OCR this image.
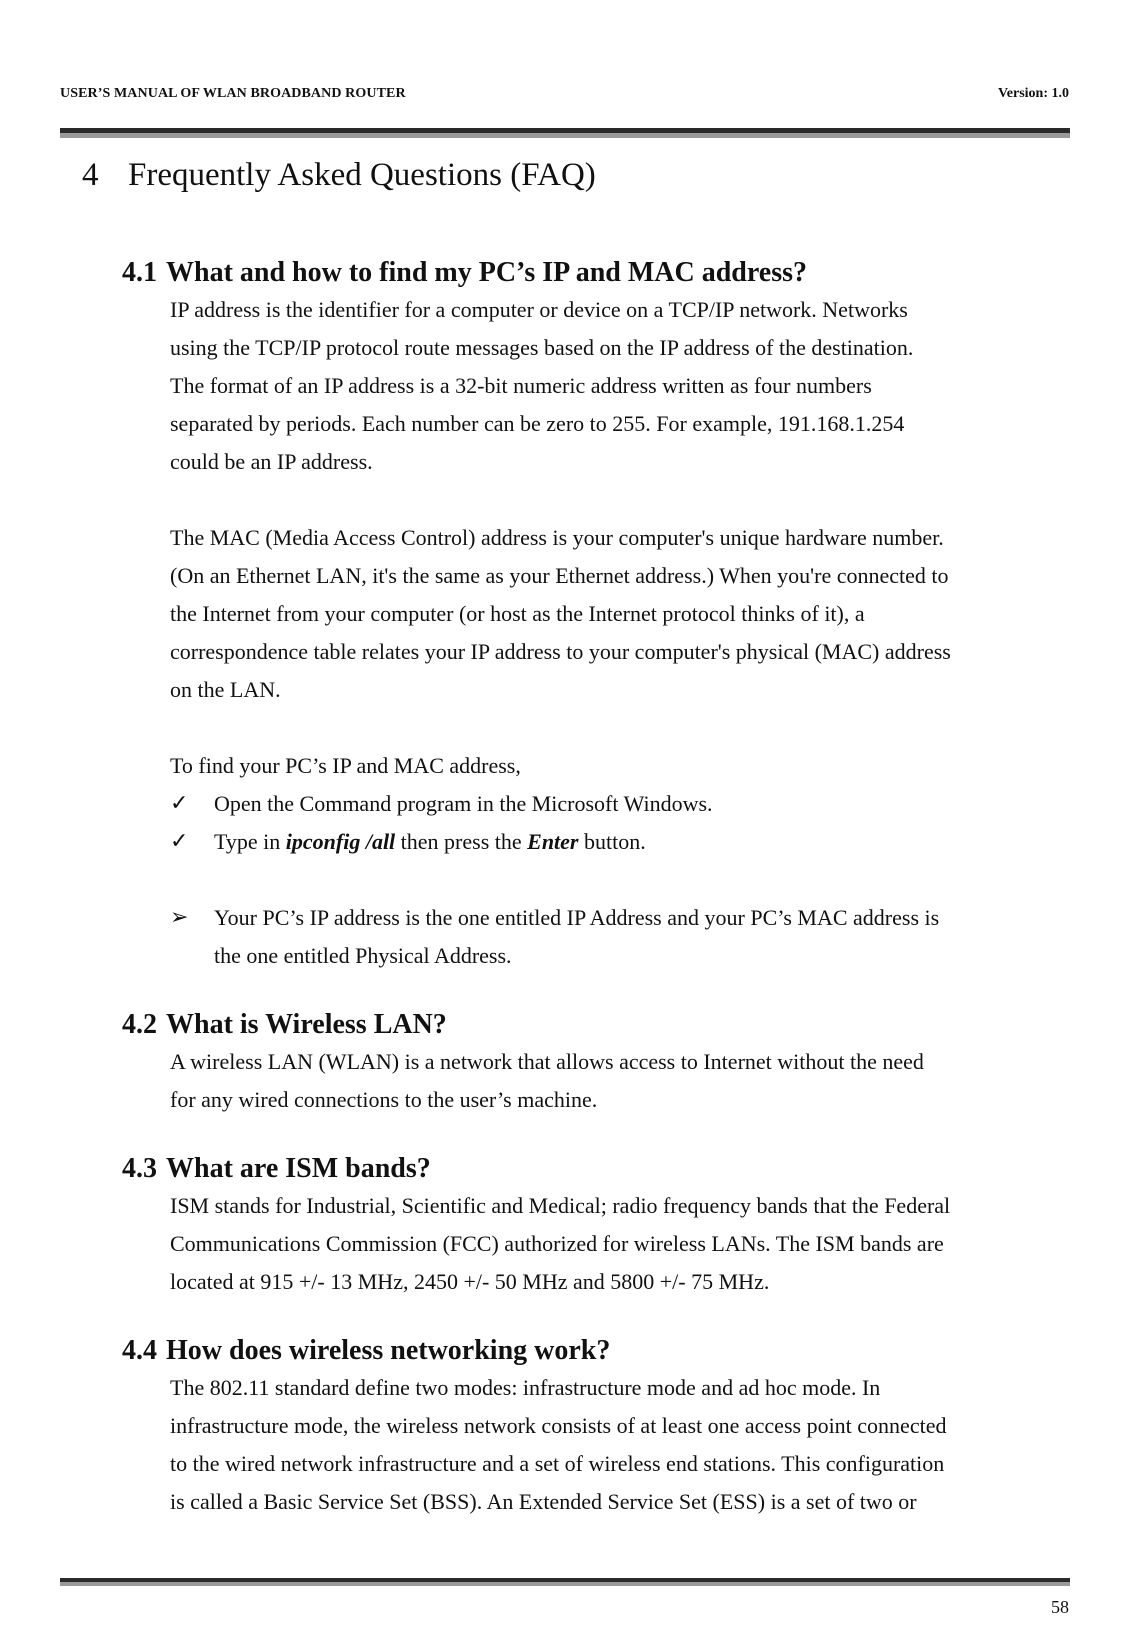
USER’S MANUAL OF WLAN BROADBAND ROUTER	Version: 1.0
4 Frequently Asked Questions (FAQ)
4.1 What and how to find my PC’s IP and MAC address?
IP address is the identifier for a computer or device on a TCP/IP network. Networks
using the TCP/IP protocol route messages based on the IP address of the destination.
The format of an IP address is a 32-bit numeric address written as four numbers
separated by periods. Each number can be zero to 255. For example, 191.168.1.254
could be an IP address.
The MAC (Media Access Control) address is your computer's unique hardware number.
(On an Ethernet LAN, it's the same as your Ethernet address.) When you're connected to
the Internet from your computer (or host as the Internet protocol thinks of it), a
correspondence table relates your IP address to your computer's physical (MAC) address
on the LAN.
To find your PC’s IP and MAC address,
✓ Open the Command program in the Microsoft Windows.
✓ Type in ipconfig /all then press the Enter button.
➢ Your PC’s IP address is the one entitled IP Address and your PC’s MAC address is
the one entitled Physical Address.
4.2 What is Wireless LAN?
A wireless LAN (WLAN) is a network that allows access to Internet without the need
for any wired connections to the user’s machine.
4.3 What are ISM bands?
ISM stands for Industrial, Scientific and Medical; radio frequency bands that the Federal
Communications Commission (FCC) authorized for wireless LANs. The ISM bands are
located at 915 +/- 13 MHz, 2450 +/- 50 MHz and 5800 +/- 75 MHz.
4.4 How does wireless networking work?
The 802.11 standard define two modes: infrastructure mode and ad hoc mode. In
infrastructure mode, the wireless network consists of at least one access point connected
to the wired network infrastructure and a set of wireless end stations. This configuration
is called a Basic Service Set (BSS). An Extended Service Set (ESS) is a set of two or
58
